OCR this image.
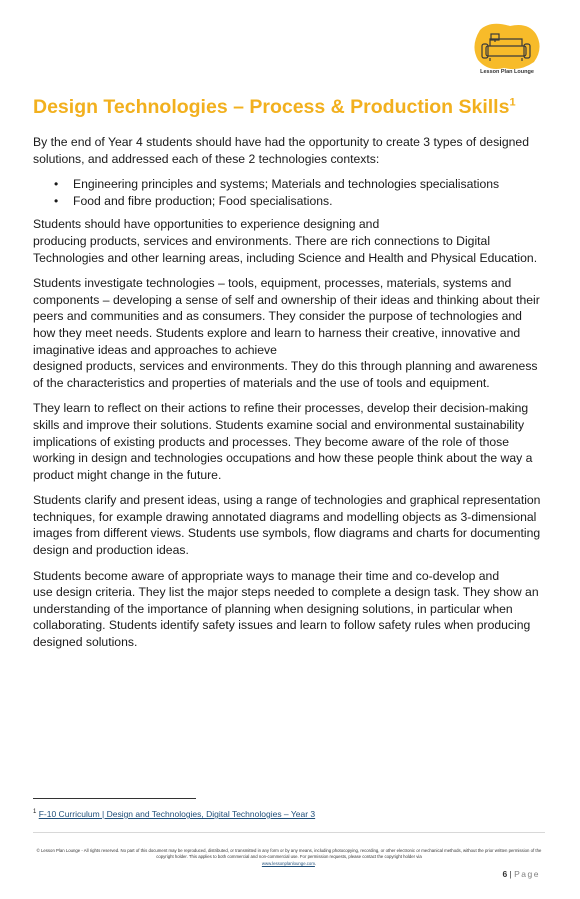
Lesson Plan Lounge
Design Technologies – Process & Production Skills$^1$

By the end of Year 4 students should have had the opportunity to create 3 types of designed solutions, and addressed each of these 2 technologies contexts:

• Engineering principles and systems; Materials and technologies specialisations
• Food and fibre production; Food specialisations.

Students should have opportunities to experience designing and
producing products, services and environments. There are rich connections to Digital Technologies and other learning areas, including Science and Health and Physical Education.

Students investigate technologies – tools, equipment, processes, materials, systems and components – developing a sense of self and ownership of their ideas and thinking about their peers and communities and as consumers. They consider the purpose of technologies and how they meet needs. Students explore and learn to harness their creative, innovative and imaginative ideas and approaches to achieve
designed products, services and environments. They do this through planning and awareness of the characteristics and properties of materials and the use of tools and equipment.

They learn to reflect on their actions to refine their processes, develop their decision-making skills and improve their solutions. Students examine social and environmental sustainability implications of existing products and processes. They become aware of the role of those working in design and technologies occupations and how these people think about the way a product might change in the future.

Students clarify and present ideas, using a range of technologies and graphical representation techniques, for example drawing annotated diagrams and modelling objects as 3-dimensional images from different views. Students use symbols, flow diagrams and charts for documenting design and production ideas.

Students become aware of appropriate ways to manage their time and co-develop and
use design criteria. They list the major steps needed to complete a design task. They show an understanding of the importance of planning when designing solutions, in particular when collaborating. Students identify safety issues and learn to follow safety rules when producing designed solutions.

$^1$ F-10 Curriculum | Design and Technologies, Digital Technologies – Year 3
© Lesson Plan Lounge - All rights reserved. No part of this document may be reproduced, distributed, or transmitted in any form or by any means, including photocopying, recording, or other electronic or mechanical methods, without the prior written permission of the copyright holder. This applies to both commercial and non-commercial use. For permission requests, please contact the copyright holder via
www.lessonplanlounge.com.
6 | Page
